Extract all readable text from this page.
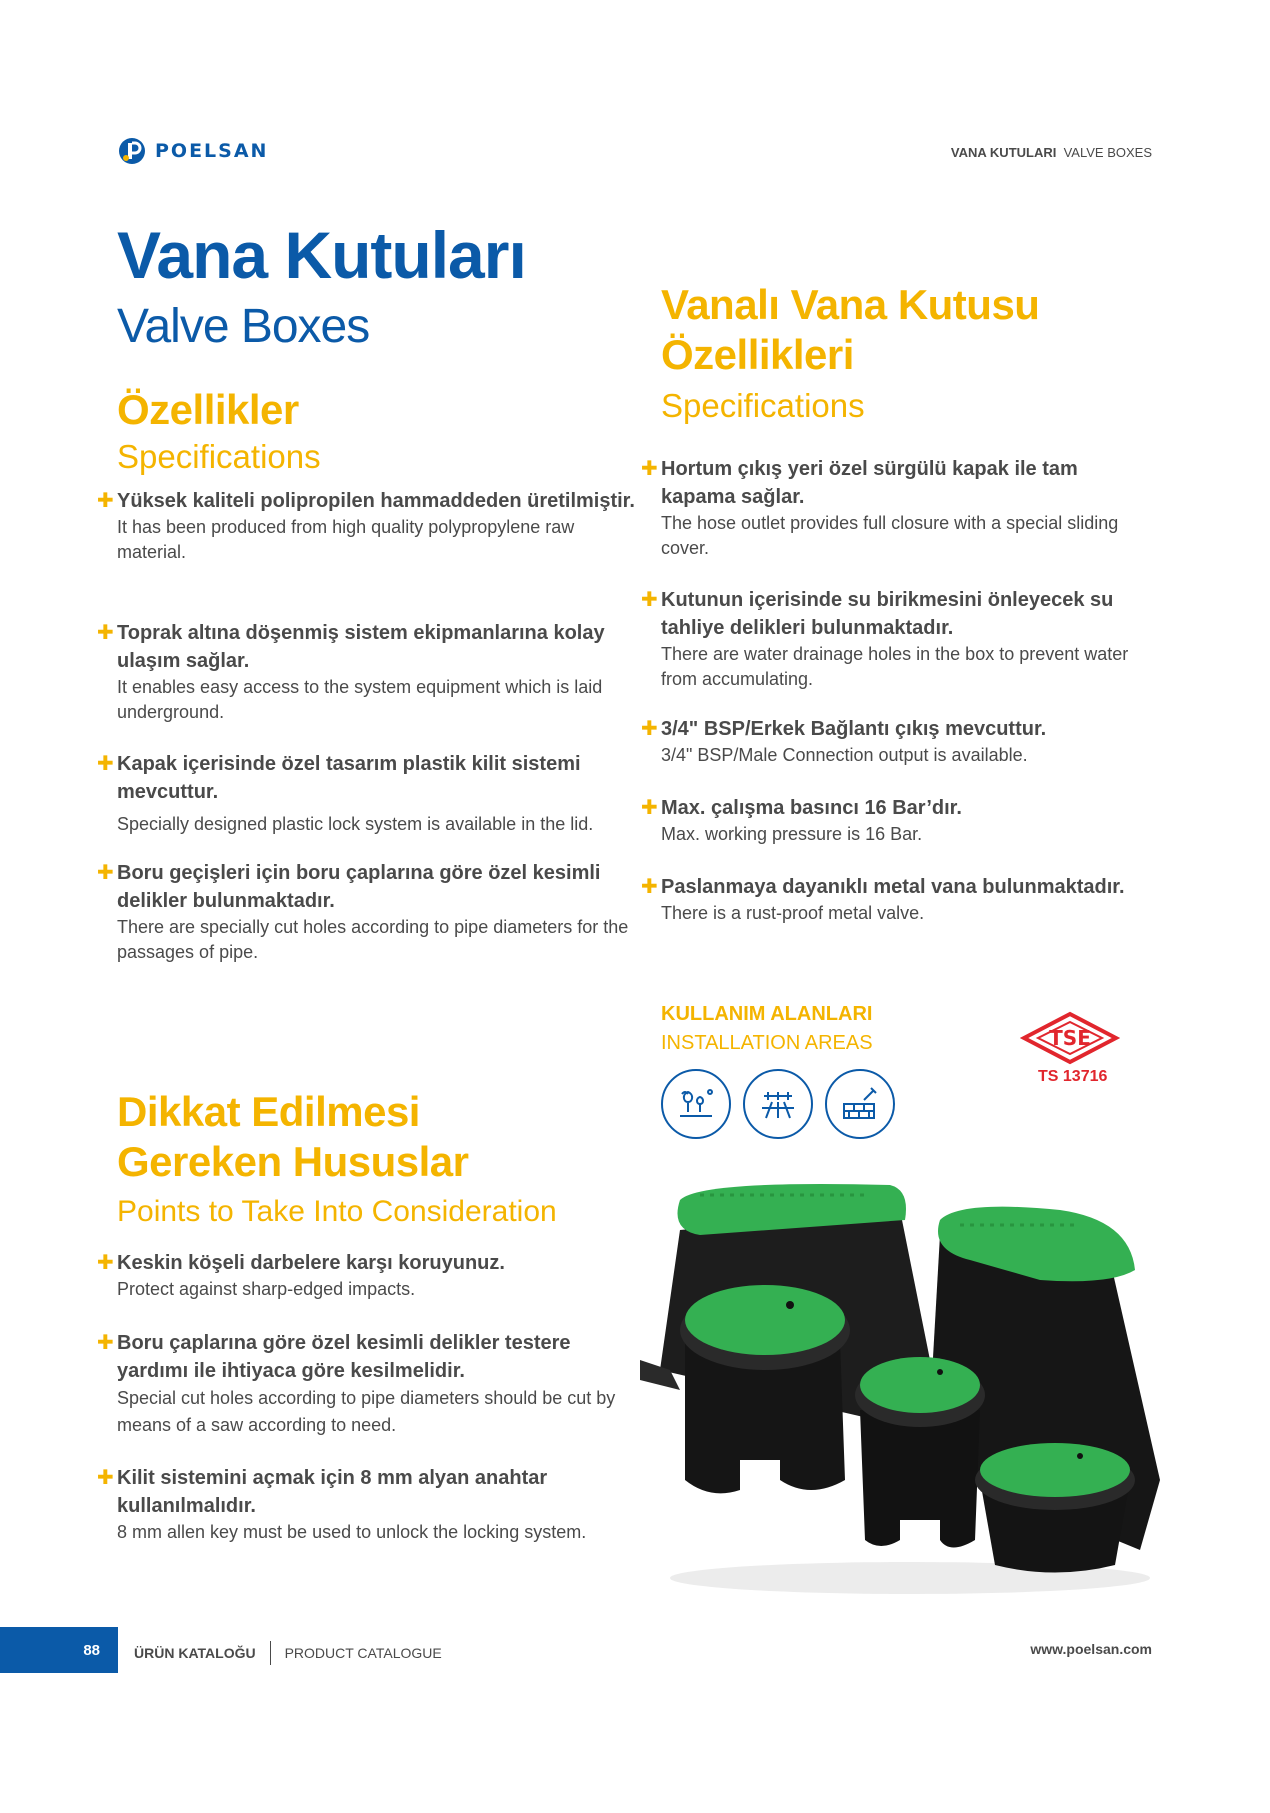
POELSAN	VANA KUTULARI VALVE BOXES
Vana Kutuları
Valve Boxes
Özellikler
Specifications
✚ Yüksek kaliteli polipropilen hammaddeden üretilmiştir.
It has been produced from high quality polypropylene raw material.
✚ Toprak altına döşenmiş sistem ekipmanlarına kolay ulaşım sağlar.
It enables easy access to the system equipment which is laid underground.
✚ Kapak içerisinde özel tasarım plastik kilit sistemi mevcuttur.
Specially designed plastic lock system is available in the lid.
✚ Boru geçişleri için boru çaplarına göre özel kesimli delikler bulunmaktadır.
There are specially cut holes according to pipe diameters for the passages of pipe.
Vanalı Vana Kutusu
Özellikleri
Specifications
✚ Hortum çıkış yeri özel sürgülü kapak ile tam kapama sağlar.
The hose outlet provides full closure with a special sliding cover.
✚ Kutunun içerisinde su birikmesini önleyecek su tahliye delikleri bulunmaktadır.
There are water drainage holes in the box to prevent water from accumulating.
✚ 3/4" BSP/Erkek Bağlantı çıkış mevcuttur.
3/4" BSP/Male Connection output is available.
✚ Max. çalışma basıncı 16 Bar’dır.
Max. working pressure is 16 Bar.
✚ Paslanmaya dayanıklı metal vana bulunmaktadır.
There is a rust-proof metal valve.
KULLANIM ALANLARI
INSTALLATION AREAS	TSE
TS 13716
Dikkat Edilmesi
Gereken Hususlar
Points to Take Into Consideration
✚ Keskin köşeli darbelere karşı koruyunuz.
Protect against sharp-edged impacts.
✚ Boru çaplarına göre özel kesimli delikler testere yardımı ile ihtiyaca göre kesilmelidir.
Special cut holes according to pipe diameters should be cut by means of a saw according to need.
✚ Kilit sistemini açmak için 8 mm alyan anahtar kullanılmalıdır.
8 mm allen key must be used to unlock the locking system.
88	ÜRÜN KATALOĞU PRODUCT CATALOGUE	www.poelsan.com
